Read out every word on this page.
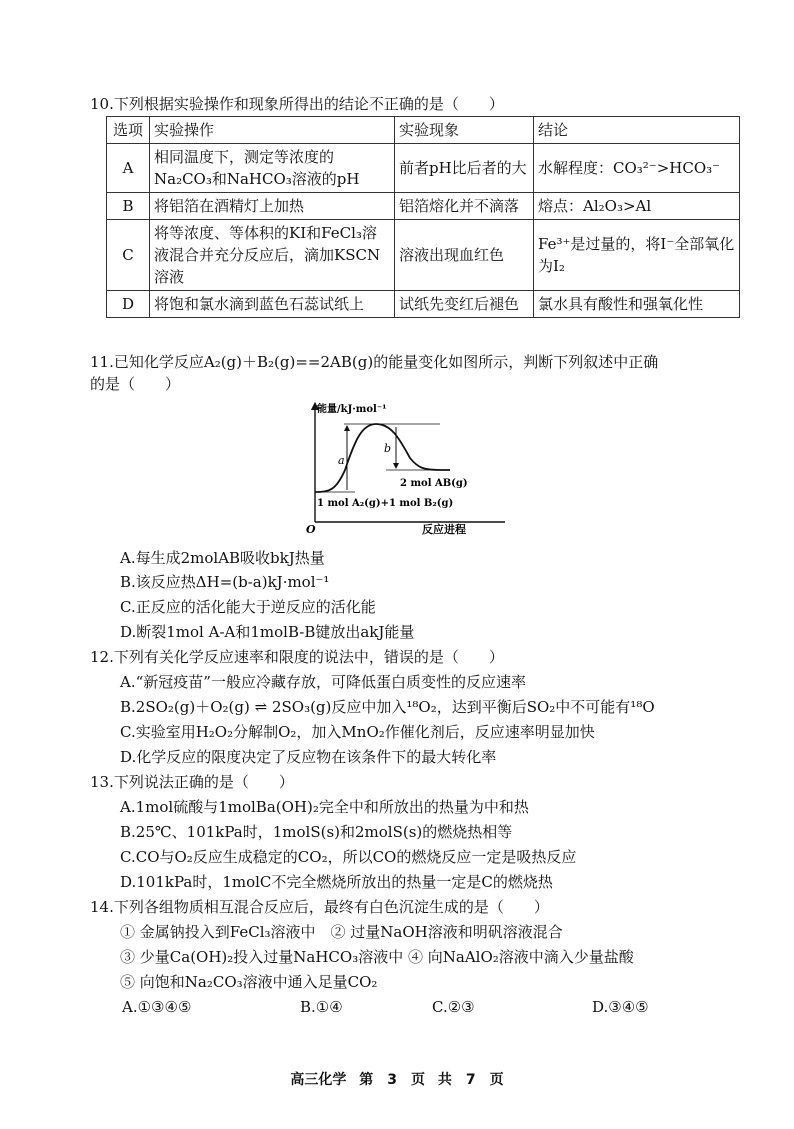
10.下列根据实验操作和现象所得出的结论不正确的是（　　）
选项	实验操作	实验现象	结论
A	相同温度下，测定等浓度的Na₂CO₃和NaHCO₃溶液的pH	前者pH比后者的大	水解程度：CO₃²⁻>HCO₃⁻
B	将铝箔在酒精灯上加热	铝箔熔化并不滴落	熔点：Al₂O₃>Al
C	将等浓度、等体积的KI和FeCl₃溶液混合并充分反应后，滴加KSCN溶液	溶液出现血红色	Fe³⁺是过量的，将I⁻全部氧化为I₂
D	将饱和氯水滴到蓝色石蕊试纸上	试纸先变红后褪色	氯水具有酸性和强氧化性
11.已知化学反应A₂(g)＋B₂(g)==2AB(g)的能量变化如图所示，判断下列叙述中正确
的是（　　）
能量/kJ·mol⁻¹
a
b
2 mol AB(g)
1 mol A₂(g)+1 mol B₂(g)
O	反应进程
A.每生成2molAB吸收bkJ热量
B.该反应热ΔH=(b-a)kJ·mol⁻¹
C.正反应的活化能大于逆反应的活化能
D.断裂1mol A-A和1molB-B键放出akJ能量
12.下列有关化学反应速率和限度的说法中，错误的是（　　）
A.“新冠疫苗”一般应冷藏存放，可降低蛋白质变性的反应速率
B.2SO₂(g)＋O₂(g) ⇌ 2SO₃(g)反应中加入¹⁸O₂，达到平衡后SO₂中不可能有¹⁸O
C.实验室用H₂O₂分解制O₂，加入MnO₂作催化剂后，反应速率明显加快
D.化学反应的限度决定了反应物在该条件下的最大转化率
13.下列说法正确的是（　　）
A.1mol硫酸与1molBa(OH)₂完全中和所放出的热量为中和热
B.25℃、101kPa时，1molS(s)和2molS(s)的燃烧热相等
C.CO与O₂反应生成稳定的CO₂，所以CO的燃烧反应一定是吸热反应
D.101kPa时，1molC不完全燃烧所放出的热量一定是C的燃烧热
14.下列各组物质相互混合反应后，最终有白色沉淀生成的是（　　）
① 金属钠投入到FeCl₃溶液中　② 过量NaOH溶液和明矾溶液混合
③ 少量Ca(OH)₂投入过量NaHCO₃溶液中 ④ 向NaAlO₂溶液中滴入少量盐酸
⑤ 向饱和Na₂CO₃溶液中通入足量CO₂
A.①③④⑤	B.①④	C.②③	D.③④⑤
高三化学 第　3　页 共　7　页
